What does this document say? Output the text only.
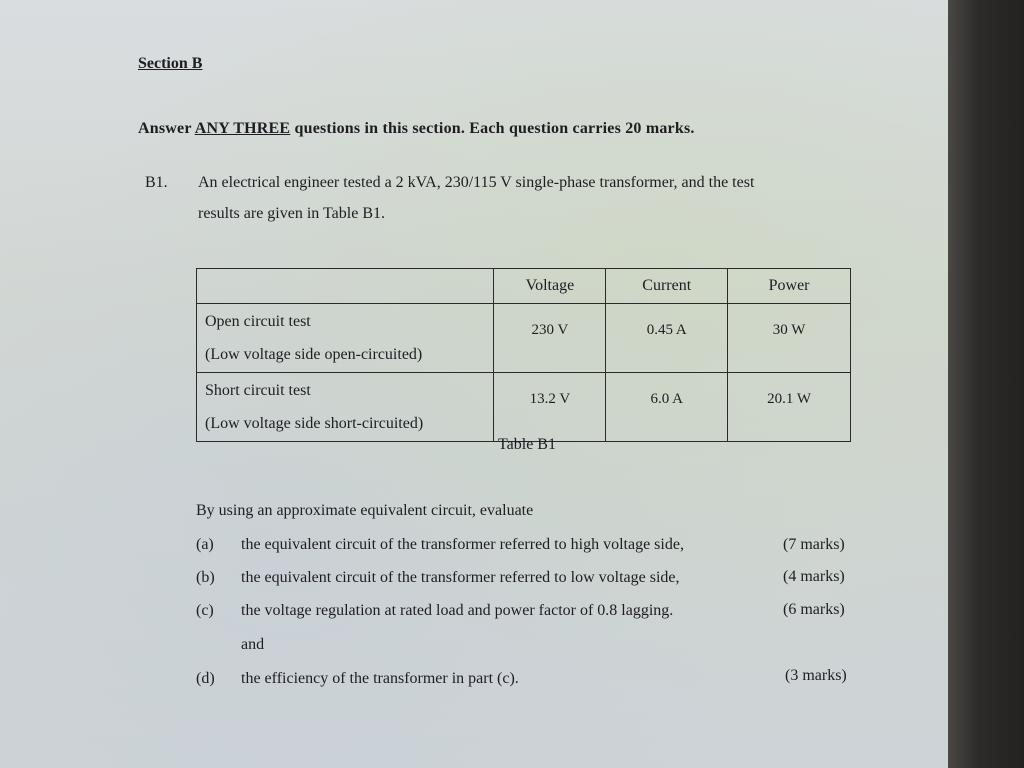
Section B
Answer ANY THREE questions in this section. Each question carries 20 marks.
B1. An electrical engineer tested a 2 kVA, 230/115 V single-phase transformer, and the test
results are given in Table B1.
	Voltage	Current	Power

Open circuit test
(Low voltage side open-circuited)	230 V	0.45 A	30 W

Short circuit test
(Low voltage side short-circuited)	13.2 V	6.0 A	20.1 W
Table B1
By using an approximate equivalent circuit, evaluate
(a) the equivalent circuit of the transformer referred to high voltage side,	(7 marks)
(b) the equivalent circuit of the transformer referred to low voltage side,	(4 marks)
(c) the voltage regulation at rated load and power factor of 0.8 lagging.	(6 marks)
and
(d) the efficiency of the transformer in part (c).	(3 marks)
